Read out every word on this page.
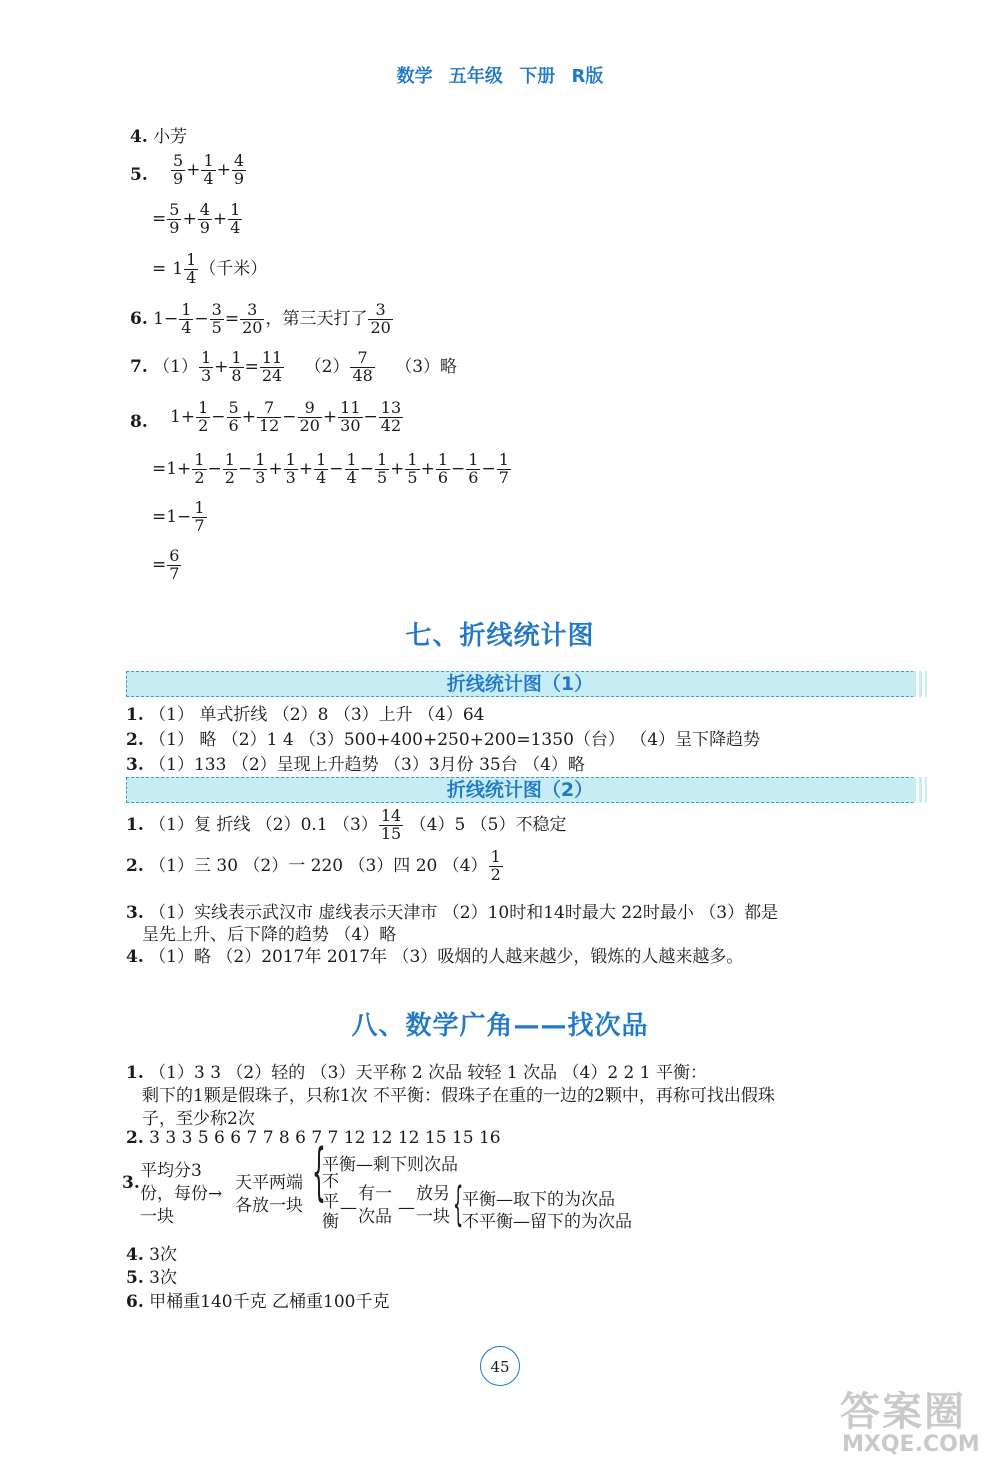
数学 五年级 下册 R版
4. 小芳
5. $\frac{5}{9} + \frac{1}{4} + \frac{4}{9}$
= $\frac{5}{9} + \frac{4}{9} + \frac{1}{4}$
= $1 \frac{1}{4}$ （千米）
6. $1- \frac{1}{4} - \frac{3}{5} = \frac{3}{20}$ ，第三天打了 $\frac{3}{20}$
7. $(1) \frac{1}{3} + \frac{1}{8} = \frac{11}{24} (2) \frac{7}{48} (3)$略
8. $1+ \frac{1}{2} - \frac{5}{6} + \frac{7}{12} - \frac{9}{20} + \frac{11}{30} - \frac{13}{42}$
$=1+ \frac{1}{2} - \frac{1}{2} - \frac{1}{3} + \frac{1}{3} + \frac{1}{4} - \frac{1}{4} - \frac{1}{5} + \frac{1}{5} + \frac{1}{6} - \frac{1}{6} - \frac{1}{7}$
$=1- \frac{1}{7}$
= $\frac{6}{7}$
七、折线统计图
折线统计图（1）
1. （1） 单式折线 （2）8 （3）上升 （4）64
2. （1） 略 （2）1 4 （3）500+400+250+200=1350（台） （4）呈下降趋势
3. （1）133 （2）呈现上升趋势 （3）3月份 35台 （4）略
折线统计图（2）
1. （1）复 折线 （2）0.1 $(3) \frac{14}{15} (4)5$ （5）不稳定
2. （1）三 30 （2）一 220 （3）四 20 $(4) \frac{1}{2}$
3. （1）实线表示武汉市 虚线表示天津市 （2）10时和14时最大 22时最小 （3）都是
呈先上升、后下降的趋势 （4）略
4. （1）略 （2）2017年 2017年 （3）吸烟的人越来越少，锻炼的人越来越多。
八、数学广角——找次品
1. （1）3 3 （2）轻的 （3）天平称 2 次品 较轻 1 次品 （4）2 2 1 平衡：
剩下的1颗是假珠子，只称1次 不平衡：假珠子在重的一边的2颗中，再称可找出假珠
子，至少称2次
2. 3 3 3 5 6 6 7 7 8 6 7 7 12 12 12 15 15 16
3.
平均分3
份，每份→
一块
天平两端
各放一块 {
平衡—剩下则次品
不
平
衡
—
有一
次品 —
放另
一块 {
平衡—取下的为次品
不平衡—留下的为次品
4. 3次
5. 3次
6. 甲桶重140千克 乙桶重100千克
45
答案圈
MXQE.COM
